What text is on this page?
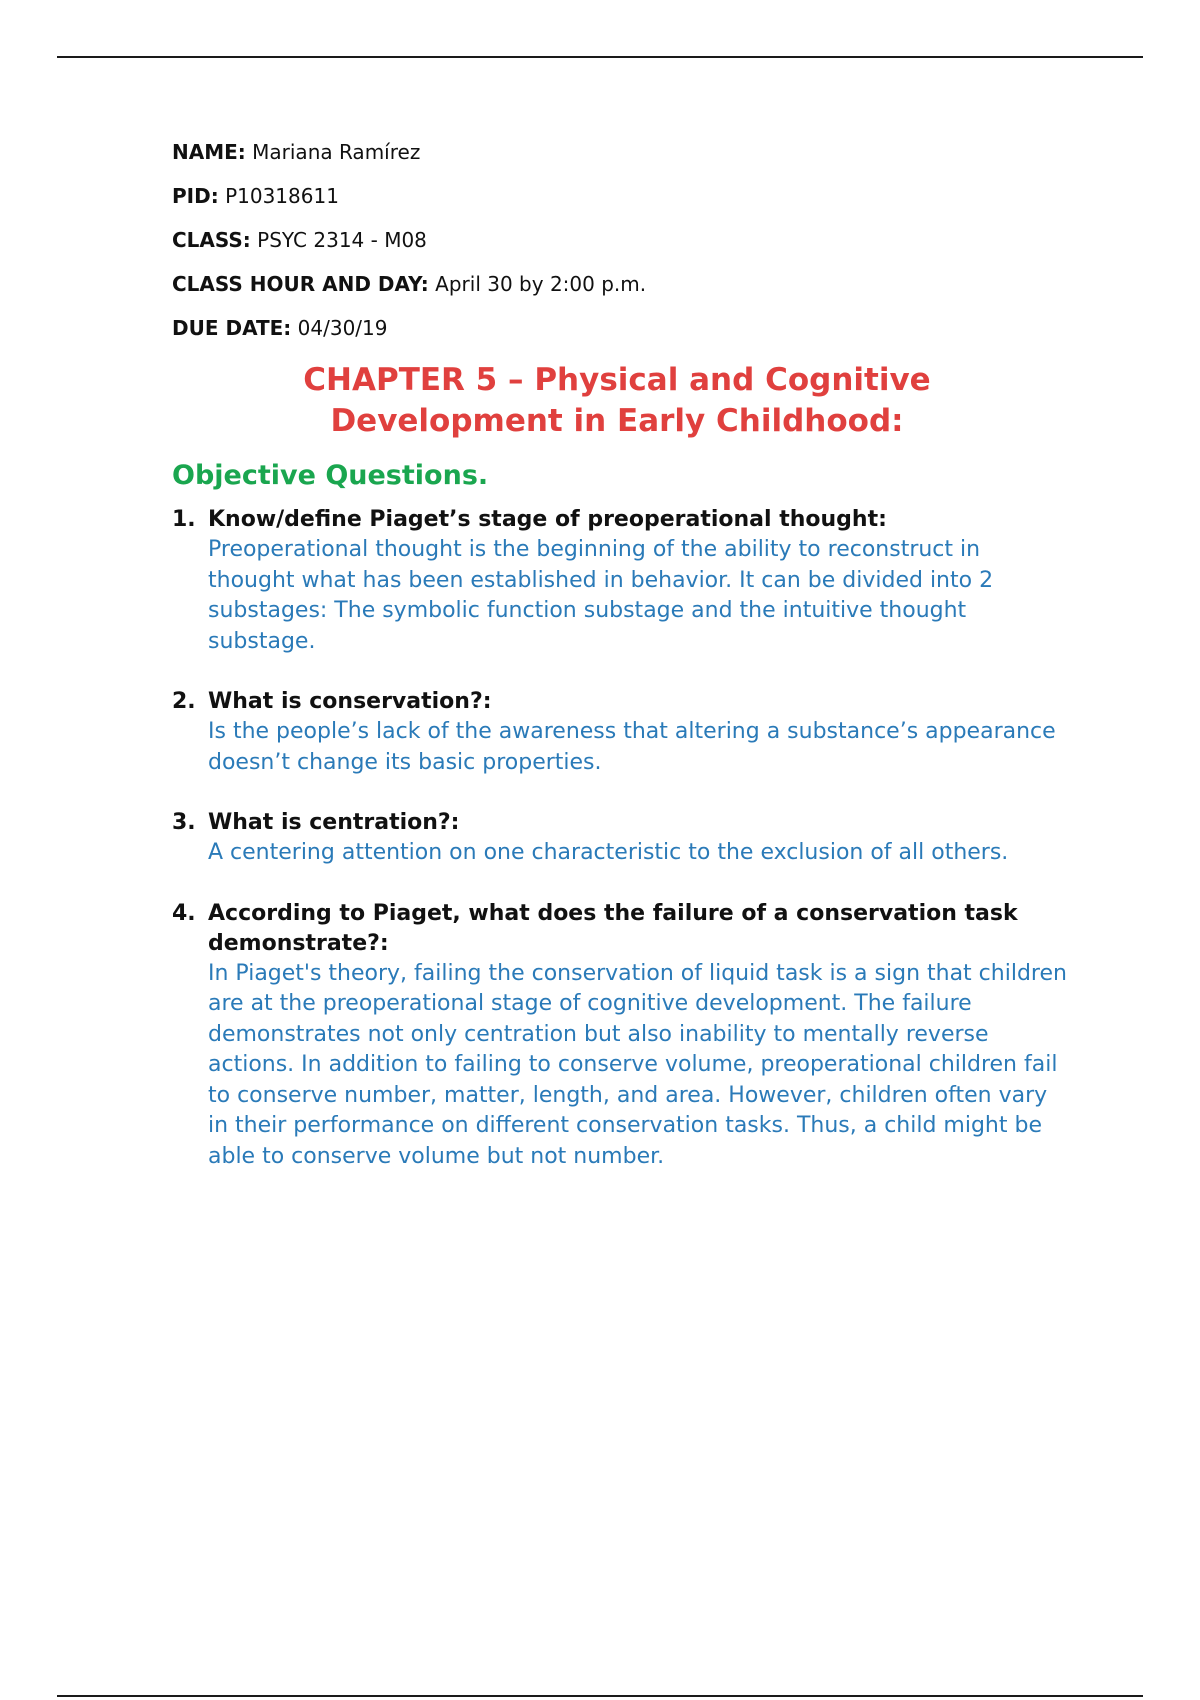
NAME: Mariana Ramírez
PID: P10318611
CLASS: PSYC 2314 - M08
CLASS HOUR AND DAY: April 30 by 2:00 p.m.
DUE DATE: 04/30/19
CHAPTER 5 – Physical and Cognitive
Development in Early Childhood:
Objective Questions.
1. Know/define Piaget’s stage of preoperational thought:
Preoperational thought is the beginning of the ability to reconstruct in thought what has been established in behavior. It can be divided into 2 substages: The symbolic function substage and the intuitive thought substage.
2. What is conservation?:
Is the people’s lack of the awareness that altering a substance’s appearance doesn’t change its basic properties.
3. What is centration?:
A centering attention on one characteristic to the exclusion of all others.
4. According to Piaget, what does the failure of a conservation task demonstrate?:
In Piaget's theory, failing the conservation of liquid task is a sign that children are at the preoperational stage of cognitive development. The failure demonstrates not only centration but also inability to mentally reverse actions. In addition to failing to conserve volume, preoperational children fail to conserve number, matter, length, and area. However, children often vary in their performance on different conservation tasks. Thus, a child might be able to conserve volume but not number.
